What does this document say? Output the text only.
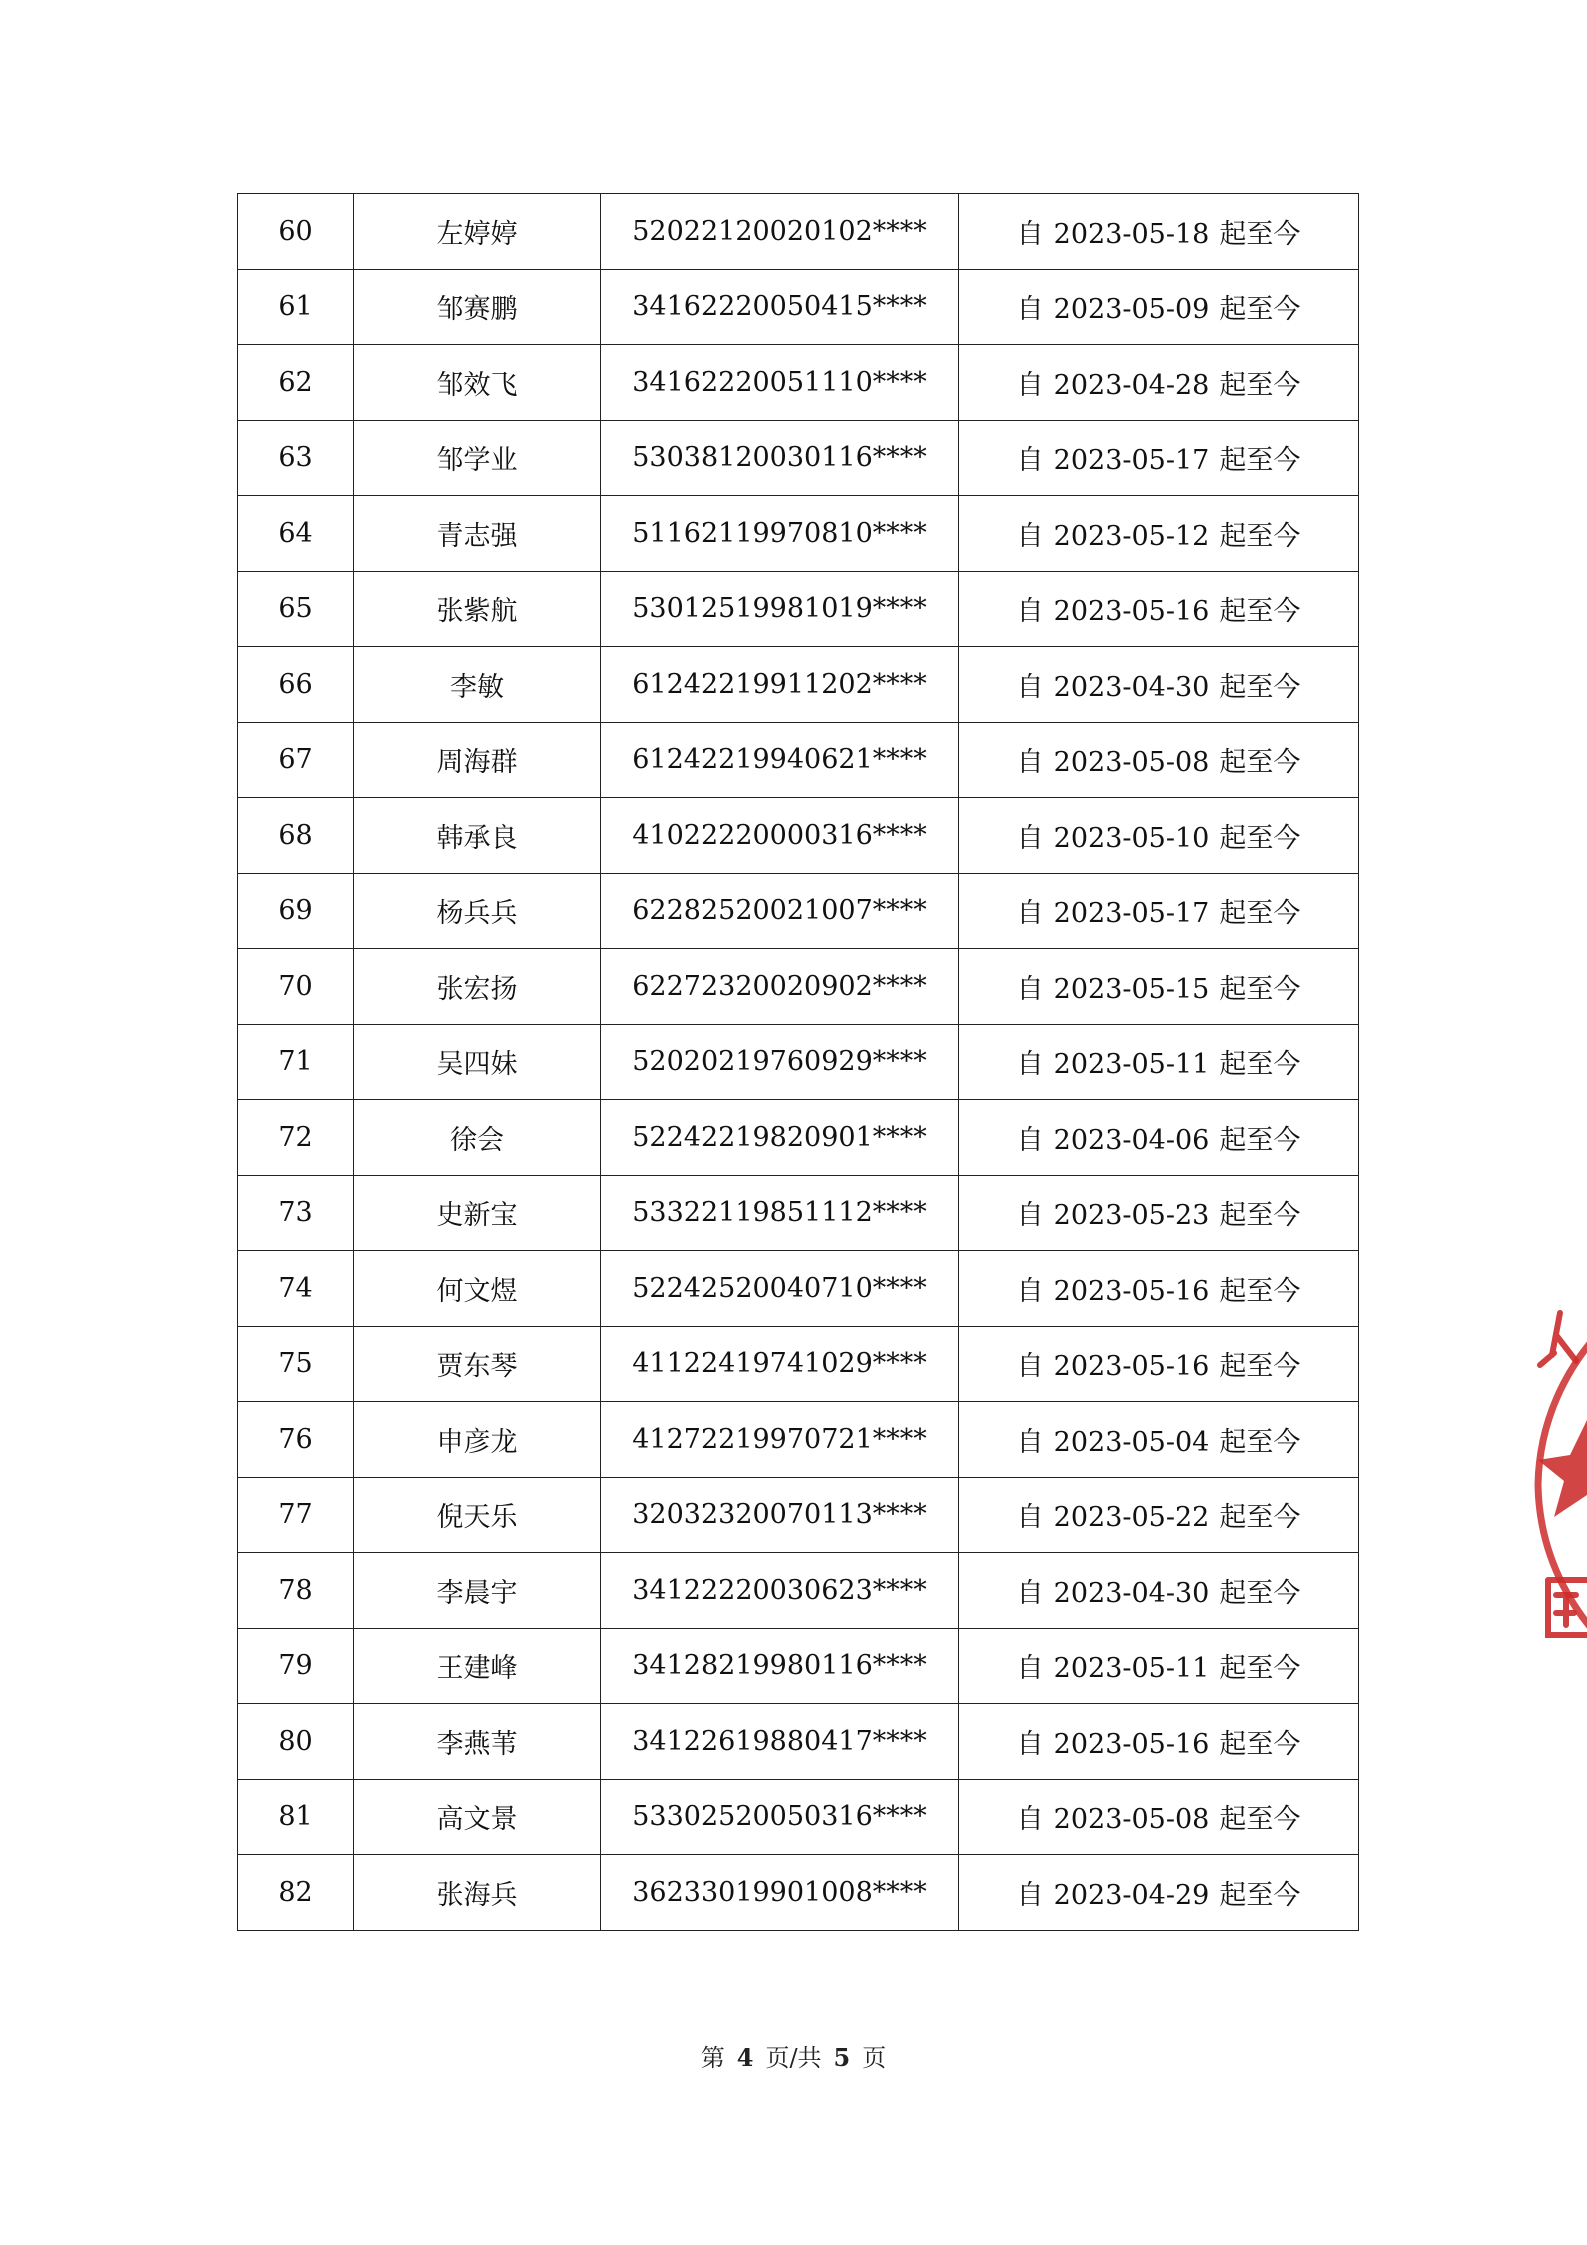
60	左婷婷	52022120020102****	自 2023-05-18 起至今
61	邹赛鹏	34162220050415****	自 2023-05-09 起至今
62	邹效飞	34162220051110****	自 2023-04-28 起至今
63	邹学业	53038120030116****	自 2023-05-17 起至今
64	青志强	51162119970810****	自 2023-05-12 起至今
65	张紫航	53012519981019****	自 2023-05-16 起至今
66	李敏	61242219911202****	自 2023-04-30 起至今
67	周海群	61242219940621****	自 2023-05-08 起至今
68	韩承良	41022220000316****	自 2023-05-10 起至今
69	杨兵兵	62282520021007****	自 2023-05-17 起至今
70	张宏扬	62272320020902****	自 2023-05-15 起至今
71	吴四妹	52020219760929****	自 2023-05-11 起至今
72	徐会	52242219820901****	自 2023-04-06 起至今
73	史新宝	53322119851112****	自 2023-05-23 起至今
74	何文煜	52242520040710****	自 2023-05-16 起至今
75	贾东琴	41122419741029****	自 2023-05-16 起至今
76	申彦龙	41272219970721****	自 2023-05-04 起至今
77	倪天乐	32032320070113****	自 2023-05-22 起至今
78	李晨宇	34122220030623****	自 2023-04-30 起至今
79	王建峰	34128219980116****	自 2023-05-11 起至今
80	李燕苇	34122619880417****	自 2023-05-16 起至今
81	高文景	53302520050316****	自 2023-05-08 起至今
82	张海兵	36233019901008****	自 2023-04-29 起至今
第 4 页/共 5 页
